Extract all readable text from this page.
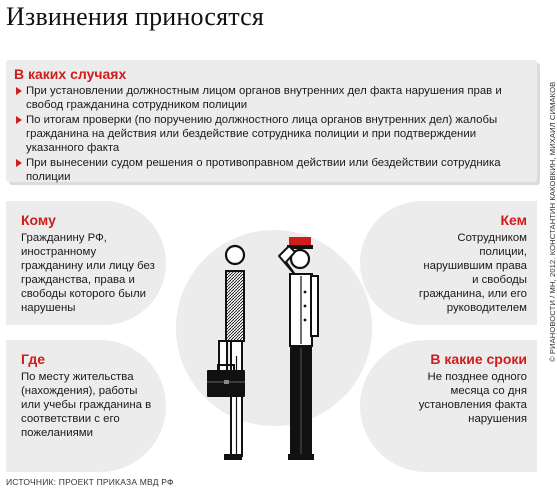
Извинения приносятся
В каких случаях
При установлении должностным лицом органов внутренних дел факта нарушения прав и свобод гражданина сотрудником полиции
По итогам проверки (по поручению должностного лица органов внутренних дел) жалобы гражданина на действия или бездействие сотрудника полиции и при подтверждении указанного факта
При вынесении судом решения о противоправном действии или бездействии сотрудника полиции
Кому
Гражданину РФ, иностранному гражданину или лицу без гражданства, права и свободы которого были нарушены
Где
По месту жительства (нахождения), работы или учебы гражданина в соответствии с его пожеланиями
Кем
Сотрудником полиции, нарушившим права и свободы гражданина, или его руководителем
В какие сроки
Не позднее одного месяца со дня установления факта нарушения
ИСТОЧНИК: ПРОЕКТ ПРИКАЗА МВД РФ
© РИАНОВОСТИ / МН, 2012. КОНСТАНТИН КАКОВКИН, МИХАИЛ СИМАКОВ
